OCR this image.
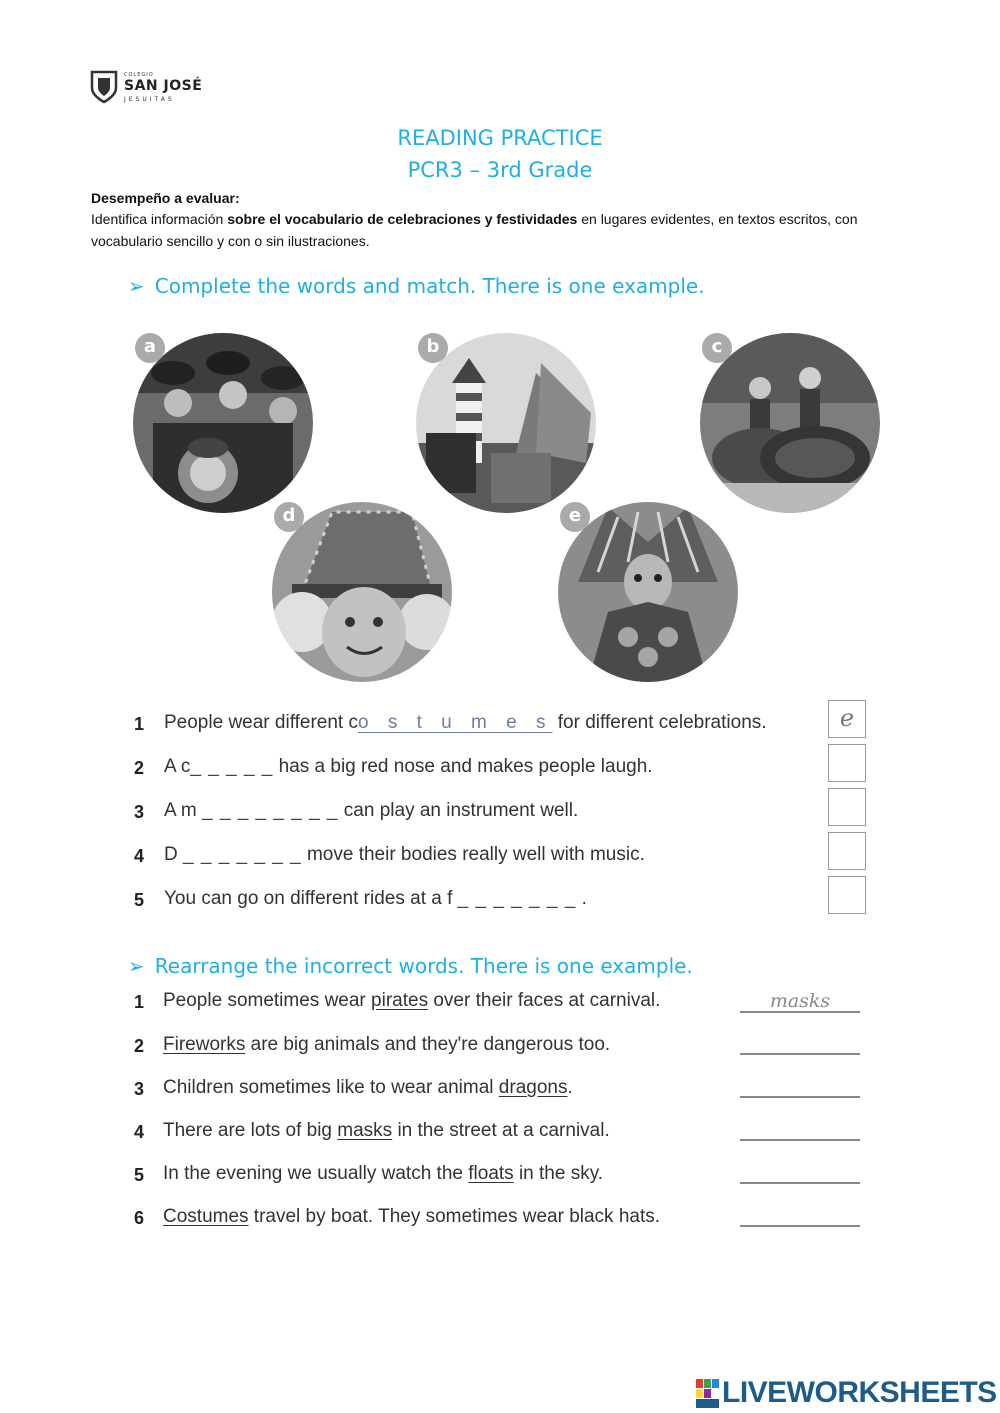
COLEGIO
SAN JOSÉ
JESUITAS
READING PRACTICE
PCR3 – 3rd Grade
Desempeño a evaluar:
Identifica información sobre el vocabulario de celebraciones y festividades en lugares evidentes, en textos escritos, con vocabulario sencillo y con o sin ilustraciones.
➢ Complete the words and match. There is one example.
a	b	c
d	e
1 People wear different co s t u m e s for different celebrations.	e
2 A c_ _ _ _ _ has a big red nose and makes people laugh.
3 A m _ _ _ _ _ _ _ _ can play an instrument well.
4 D _ _ _ _ _ _ _ move their bodies really well with music.
5 You can go on different rides at a f _ _ _ _ _ _ _ .
➢ Rearrange the incorrect words. There is one example.
1 People sometimes wear pirates over their faces at carnival.	masks
2 Fireworks are big animals and they're dangerous too.
3 Children sometimes like to wear animal dragons.
4 There are lots of big masks in the street at a carnival.
5 In the evening we usually watch the floats in the sky.
6 Costumes travel by boat. They sometimes wear black hats.
LIVEWORKSHEETS
